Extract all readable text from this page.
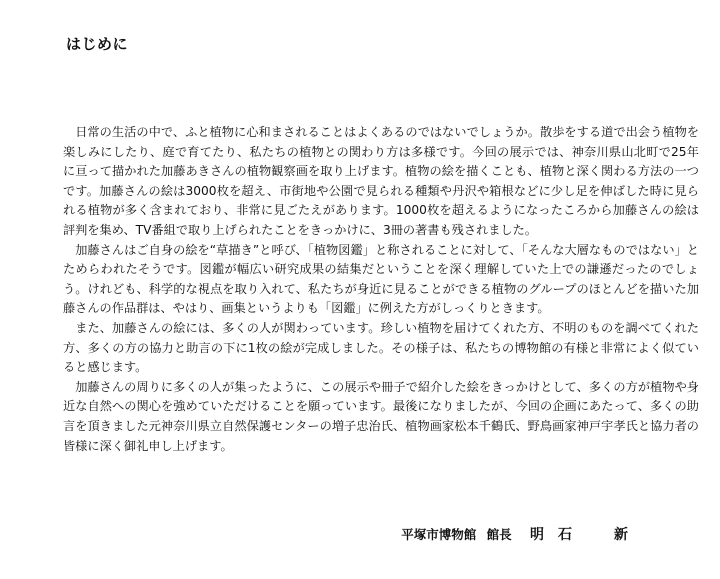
はじめに

日常の生活の中で、ふと植物に心和まされることはよくあるのではないでしょうか。散歩をする道で出会う植物を楽しみにしたり、庭で育てたり、私たちの植物との関わり方は多様です。今回の展示では、神奈川県山北町で25年に亘って描かれた加藤あきさんの植物観察画を取り上げます。植物の絵を描くことも、植物と深く関わる方法の一つです。加藤さんの絵は3000枚を超え、市街地や公園で見られる種類や丹沢や箱根などに少し足を伸ばした時に見られる植物が多く含まれており、非常に見ごたえがあります。1000枚を超えるようになったころから加藤さんの絵は評判を集め、TV番組で取り上げられたことをきっかけに、3冊の著書も残されました。

加藤さんはご自身の絵を“草描き”と呼び、「植物図鑑」と称されることに対して、「そんな大層なものではない」とためらわれたそうです。図鑑が幅広い研究成果の結集だということを深く理解していた上での謙遜だったのでしょう。けれども、科学的な視点を取り入れて、私たちが身近に見ることができる植物のグループのほとんどを描いた加藤さんの作品群は、やはり、画集というよりも「図鑑」に例えた方がしっくりときます。

また、加藤さんの絵には、多くの人が関わっています。珍しい植物を届けてくれた方、不明のものを調べてくれた方、多くの方の協力と助言の下に1枚の絵が完成しました。その様子は、私たちの博物館の有様と非常によく似ていると感じます。

加藤さんの周りに多くの人が集ったように、この展示や冊子で紹介した絵をきっかけとして、多くの方が植物や身近な自然への関心を強めていただけることを願っています。最後になりましたが、今回の企画にあたって、多くの助言を頂きました元神奈川県立自然保護センターの増子忠治氏、植物画家松本千鶴氏、野鳥画家神戸宇孝氏と協力者の皆様に深く御礼申し上げます。

平塚市博物館 館長 明石　新
